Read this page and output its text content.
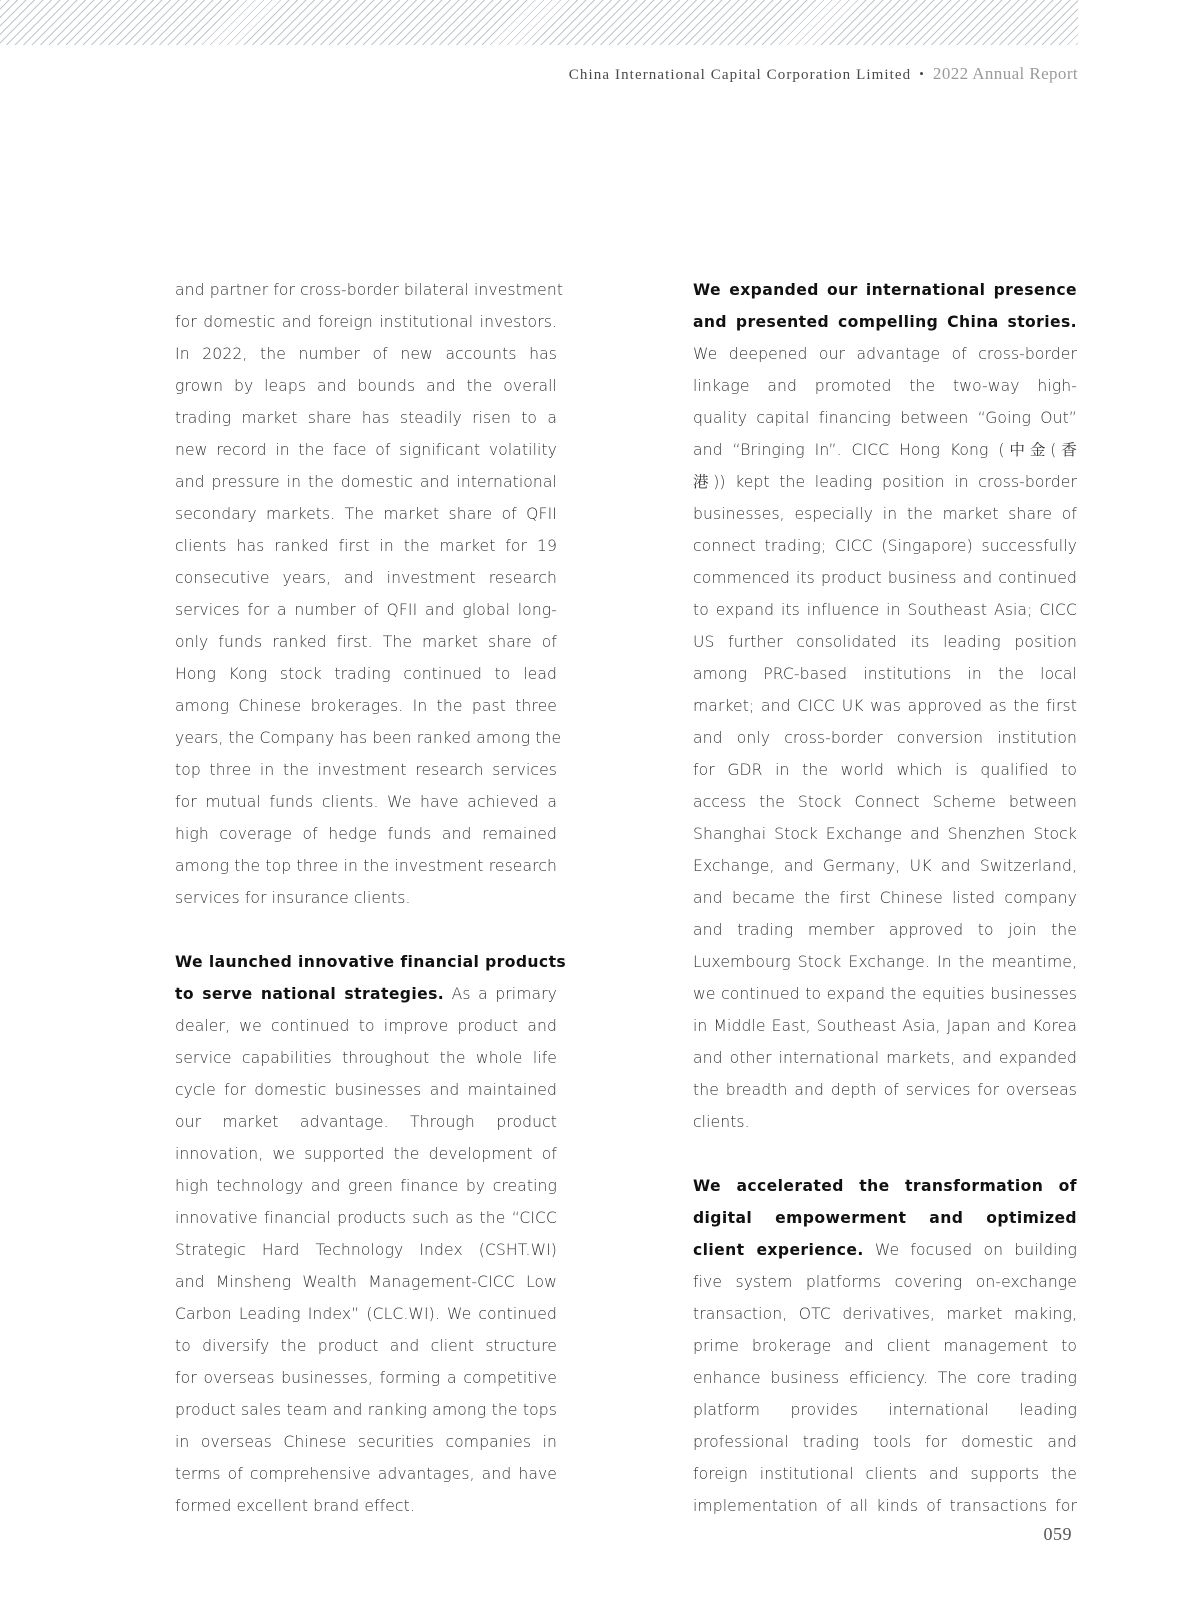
China International Capital Corporation Limited • 2022 Annual Report
and partner for cross-border bilateral investment
for domestic and foreign institutional investors.
In 2022, the number of new accounts has
grown by leaps and bounds and the overall
trading market share has steadily risen to a
new record in the face of significant volatility
and pressure in the domestic and international
secondary markets. The market share of QFII
clients has ranked first in the market for 19
consecutive years, and investment research
services for a number of QFII and global long-
only funds ranked first. The market share of
Hong Kong stock trading continued to lead
among Chinese brokerages. In the past three
years, the Company has been ranked among the
top three in the investment research services
for mutual funds clients. We have achieved a
high coverage of hedge funds and remained
among the top three in the investment research
services for insurance clients.
We launched innovative financial products
to serve national strategies. As a primary
dealer, we continued to improve product and
service capabilities throughout the whole life
cycle for domestic businesses and maintained
our market advantage. Through product
innovation, we supported the development of
high technology and green finance by creating
innovative financial products such as the “CICC
Strategic Hard Technology Index (CSHT.WI)
and Minsheng Wealth Management-CICC Low
Carbon Leading Index” (CLC.WI). We continued
to diversify the product and client structure
for overseas businesses, forming a competitive
product sales team and ranking among the tops
in overseas Chinese securities companies in
terms of comprehensive advantages, and have
formed excellent brand effect.
We expanded our international presence
and presented compelling China stories.
We deepened our advantage of cross-border
linkage and promoted the two-way high-
quality capital financing between “Going Out”
and “Bringing In”. CICC Hong Kong (中金(香
港)) kept the leading position in cross-border
businesses, especially in the market share of
connect trading; CICC (Singapore) successfully
commenced its product business and continued
to expand its influence in Southeast Asia; CICC
US further consolidated its leading position
among PRC-based institutions in the local
market; and CICC UK was approved as the first
and only cross-border conversion institution
for GDR in the world which is qualified to
access the Stock Connect Scheme between
Shanghai Stock Exchange and Shenzhen Stock
Exchange, and Germany, UK and Switzerland,
and became the first Chinese listed company
and trading member approved to join the
Luxembourg Stock Exchange. In the meantime,
we continued to expand the equities businesses
in Middle East, Southeast Asia, Japan and Korea
and other international markets, and expanded
the breadth and depth of services for overseas
clients.
We accelerated the transformation of
digital empowerment and optimized
client experience. We focused on building
five system platforms covering on-exchange
transaction, OTC derivatives, market making,
prime brokerage and client management to
enhance business efficiency. The core trading
platform provides international leading
professional trading tools for domestic and
foreign institutional clients and supports the
implementation of all kinds of transactions for
059
